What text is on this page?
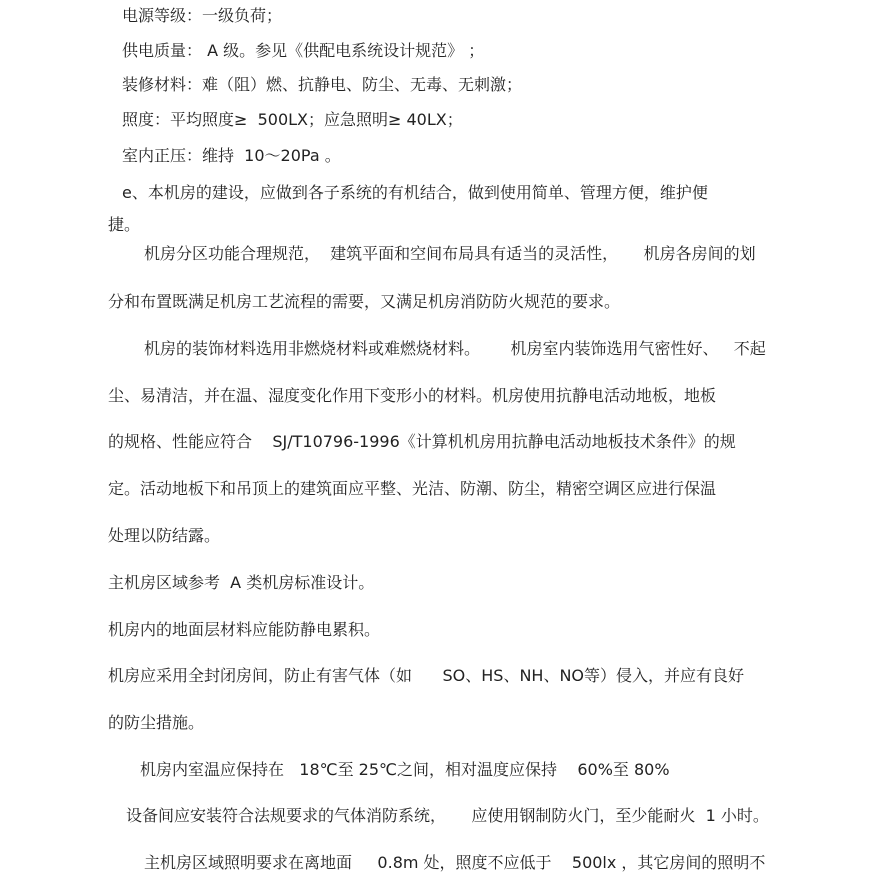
电源等级：一级负荷；
供电质量： A 级。参见《供配电系统设计规范》 ；
装修材料：难（阻）燃、抗静电、防尘、无毒、无刺激；
照度：平均照度≥  500LX；应急照明≥ 40LX；
室内正压：维持  10～20Pa 。
e、本机房的建设，应做到各子系统的有机结合，做到使用简单、管理方便，维护便
捷。
机房分区功能合理规范，  建筑平面和空间布局具有适当的灵活性，     机房各房间的划
分和布置既满足机房工艺流程的需要，又满足机房消防防火规范的要求。
机房的装饰材料选用非燃烧材料或难燃烧材料。      机房室内装饰选用气密性好、   不起
尘、易清洁，并在温、湿度变化作用下变形小的材料。机房使用抗静电活动地板，地板
的规格、性能应符合    SJ/T10796-1996《计算机机房用抗静电活动地板技术条件》的规
定。活动地板下和吊顶上的建筑面应平整、光洁、防潮、防尘，精密空调区应进行保温
处理以防结露。
主机房区域参考  A 类机房标准设计。
机房内的地面层材料应能防静电累积。
机房应采用全封闭房间，防止有害气体（如      SO、HS、NH、NO等）侵入，并应有良好
的防尘措施。
机房内室温应保持在   18℃至 25℃之间，相对温度应保持    60%至 80%
设备间应安装符合法规要求的气体消防系统，     应使用钢制防火门，至少能耐火  1 小时。
主机房区域照明要求在离地面     0.8m 处，照度不应低于    500lx ，其它房间的照明不
